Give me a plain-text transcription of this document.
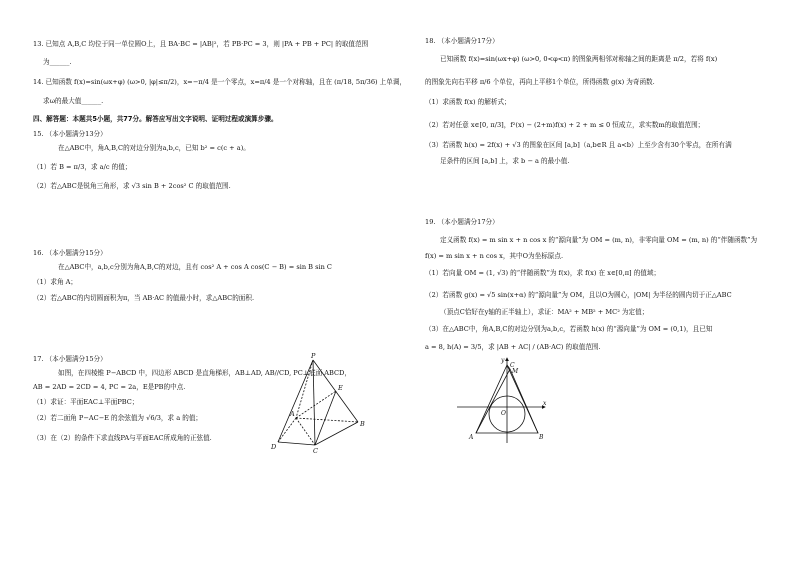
13. 已知点 A,B,C 均位于同一单位圆O上，且 BA·BC = |AB|²，若 PB·PC = 3，则 |PA + PB + PC| 的取值范围
为______.
14. 已知函数 f(x)=sin(ωx+φ) (ω>0, |φ|≤π/2)，x=−π/4 是一个零点，x=π/4 是一个对称轴，且在 (π/18, 5π/36) 上单调，
求ω的最大值______.
四、解答题：本题共5小题，共77分。解答应写出文字说明、证明过程或演算步骤。
15. （本小题满分13分）
在△ABC中，角A,B,C的对边分别为a,b,c，已知 b² = c(c + a)。
（1）若 B = π/3，求 a/c 的值；
（2）若△ABC是锐角三角形，求 √3 sin B + 2cos² C 的取值范围.
16. （本小题满分15分）
在△ABC中，a,b,c分别为角A,B,C的对边，且有 cos² A + cos A cos(C − B) = sin B sin C
（1）求角 A；
（2）若△ABC的内切圆面积为π，当 AB·AC 的值最小时，求△ABC的面积.
17. （本小题满分15分）
如图，在四棱锥 P−ABCD 中，四边形 ABCD 是直角梯形，AB⊥AD, AB//CD, PC⊥底面 ABCD，
AB = 2AD = 2CD = 4, PC = 2a，E是PB的中点.
（1）求证：平面EAC⊥平面PBC；
（2）若二面角 P−AC−E 的余弦值为 √6/3，求 a 的值；
（3）在（2）的条件下求直线PA与平面EAC所成角的正弦值.
P
E
A
B
D	C
18. （本小题满分17分）
已知函数 f(x)=sin(ωx+φ) (ω>0, 0<φ<π) 的图象两相邻对称轴之间的距离是 π/2，若将 f(x)
的图象先向右平移 π/6 个单位，再向上平移1个单位，所得函数 g(x) 为奇函数.
（1）求函数 f(x) 的解析式；
（2）若对任意 x∈[0, π/3]，f²(x) − (2+m)f(x) + 2 + m ≤ 0 恒成立，求实数m的取值范围；
（3）若函数 h(x) = 2f(x) + √3 的图象在区间 [a,b]（a,b∈R 且 a<b）上至少含有30个零点，在所有满
足条件的区间 [a,b] 上，求 b − a 的最小值.
19. （本小题满分17分）
定义函数 f(x) = m sin x + n cos x 的“源向量”为 OM = (m, n)，非零向量 OM = (m, n) 的“伴随函数”为
f(x) = m sin x + n cos x，其中O为坐标原点.
（1）若向量 OM = (1, √3) 的“伴随函数”为 f(x)，求 f(x) 在 x∈[0,π] 的值域；
（2）若函数 g(x) = √5 sin(x+α) 的“源向量”为 OM，且以O为圆心，|OM| 为半径的圆内切于正△ABC
（顶点C恰好在y轴的正半轴上），求证：MA² + MB² + MC² 为定值；
（3）在△ABC中，角A,B,C的对边分别为a,b,c，若函数 h(x) 的“源向量”为 OM = (0,1)，且已知
a = 8, h(A) = 3/5，求 |AB + AC| / (AB·AC) 的取值范围.
y
x
C
M
O
A	B
